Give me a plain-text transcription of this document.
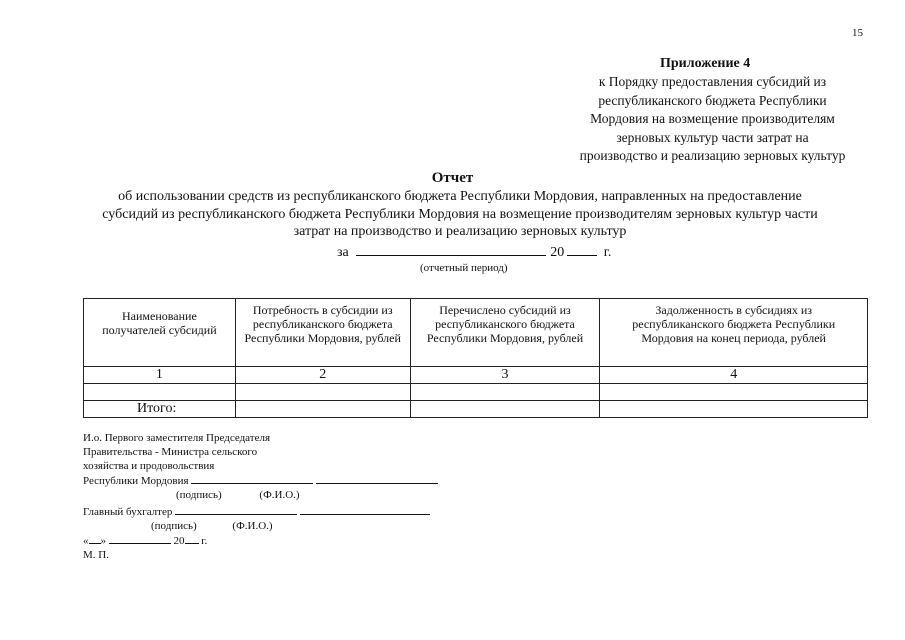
15
Приложение 4
к Порядку предоставления субсидий из
республиканского бюджета Республики
Мордовия на возмещение производителям
зерновых культур части затрат на
производство и реализацию зерновых культур
Отчет
об использовании средств из республиканского бюджета Республики Мордовия, направленных на предоставление
субсидий из республиканского бюджета Республики Мордовия на возмещение производителям зерновых культур части
затрат на производство и реализацию зерновых культур
за	20	г.
(отчетный период)
Наименование получателей субсидий	Потребность в субсидии из республиканского бюджета Республики Мордовия, рублей	Перечислено субсидий из республиканского бюджета Республики Мордовия, рублей	Задолженность в субсидиях из республиканского бюджета Республики Мордовия на конец периода, рублей

1	2	3	4

Итого:			
И.о. Первого заместителя Председателя
Правительства - Министра сельского
хозяйства и продовольствия
Республики Мордовия
(подпись)	(Ф.И.О.)
Главный бухгалтер
(подпись)	(Ф.И.О.)
« »	20 г.
М. П.
